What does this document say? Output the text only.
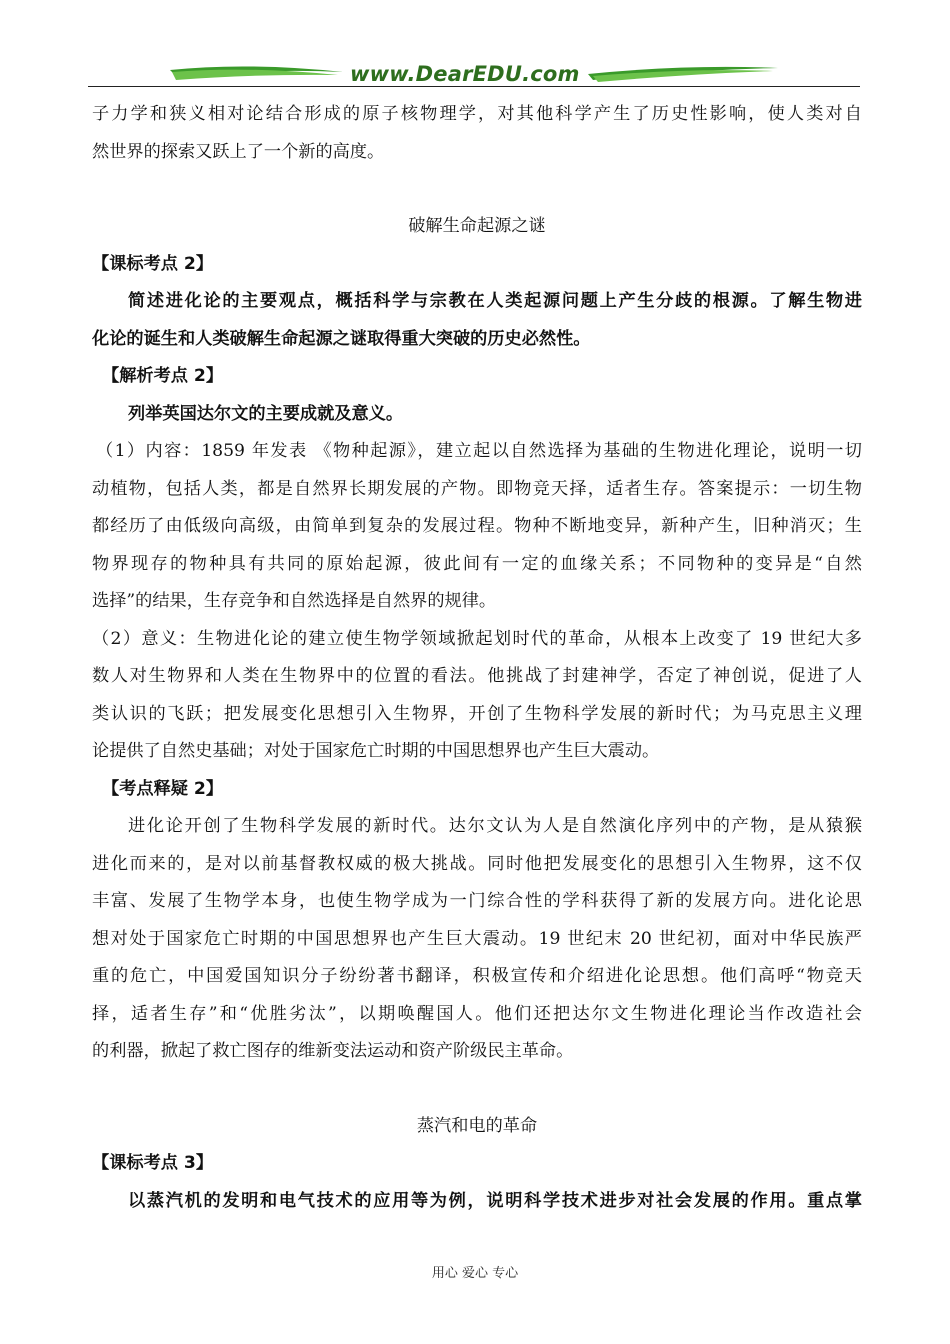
www.DearEDU.com

子力学和狭义相对论结合形成的原子核物理学，对其他科学产生了历史性影响，使人类对自

然世界的探索又跃上了一个新的高度。

破解生命起源之谜

【课标考点 2】

简述进化论的主要观点，概括科学与宗教在人类起源问题上产生分歧的根源。了解生物进

化论的诞生和人类破解生命起源之谜取得重大突破的历史必然性。

【解析考点 2】

列举英国达尔文的主要成就及意义。

（1）内容：1859 年发表 《物种起源》，建立起以自然选择为基础的生物进化理论，说明一切

动植物，包括人类，都是自然界长期发展的产物。即物竞天择，适者生存。答案提示：一切生物

都经历了由低级向高级，由简单到复杂的发展过程。物种不断地变异，新种产生，旧种消灭；生

物界现存的物种具有共同的原始起源，彼此间有一定的血缘关系；不同物种的变异是“自然

选择”的结果，生存竞争和自然选择是自然界的规律。

（2）意义：生物进化论的建立使生物学领域掀起划时代的革命，从根本上改变了 19 世纪大多

数人对生物界和人类在生物界中的位置的看法。他挑战了封建神学，否定了神创说，促进了人

类认识的飞跃；把发展变化思想引入生物界，开创了生物科学发展的新时代；为马克思主义理

论提供了自然史基础；对处于国家危亡时期的中国思想界也产生巨大震动。

【考点释疑 2】

进化论开创了生物科学发展的新时代。达尔文认为人是自然演化序列中的产物，是从猿猴

进化而来的，是对以前基督教权威的极大挑战。同时他把发展变化的思想引入生物界，这不仅

丰富、发展了生物学本身，也使生物学成为一门综合性的学科获得了新的发展方向。进化论思

想对处于国家危亡时期的中国思想界也产生巨大震动。19 世纪末 20 世纪初，面对中华民族严

重的危亡，中国爱国知识分子纷纷著书翻译，积极宣传和介绍进化论思想。他们高呼“物竞天

择，适者生存”和“优胜劣汰”，以期唤醒国人。他们还把达尔文生物进化理论当作改造社会

的利器，掀起了救亡图存的维新变法运动和资产阶级民主革命。

蒸汽和电的革命

【课标考点 3】

以蒸汽机的发明和电气技术的应用等为例，说明科学技术进步对社会发展的作用。重点掌

用心 爱心 专心
